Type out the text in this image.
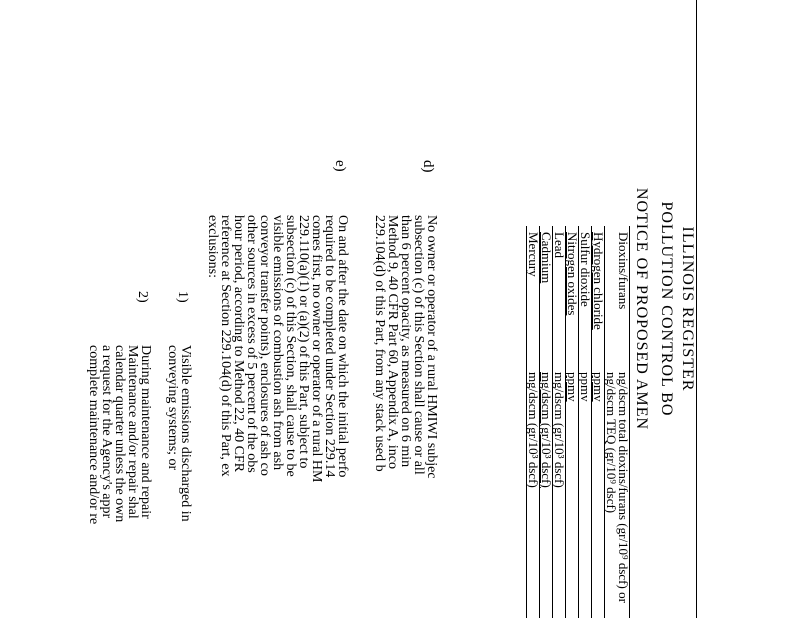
ILLINOIS REGISTER
POLLUTION CONTROL BO
NOTICE OF PROPOSED AMEN
Dioxins/furans
ng/dscm total dioxins/furans (gr/10⁹ dscf) or ng/dscm TEQ (gr/10⁹ dscf)
Hydrogen chloride
ppmv
Sulfur dioxide
ppmv
Nitrogen oxides
ppmv
Lead
mg/dscm (gr/10³ dscf)
Cadmium
mg/dscm (gr/10³ dscf)
Mercury
mg/dscm (gr/10³ dscf)
d)
No owner or operator of a rural HMIWI subjec
subsection (c) of this Section shall cause or all
than 6 percent opacity, as measured on 6 min
Method 9, 40 CFR Part 60, Appendix A, inco
229.104(d) of this Part, from any stack used b
e)
On and after the date on which the initial perfo
required to be completed under Section 229.14
comes first, no owner or operator of a rural HM
229.110(a)(1) or (a)(2) of this Part, subject to
subsection (c) of this Section, shall cause to be
visible emissions of combustion ash from ash
conveyor transfer points), enclosures of ash co
other sources in excess of 5 percent of the obs
hour period, according to Method 22, 40 CFR
reference at Section 229.104(d) of this Part, ex
exclusions:
1)
Visible emissions discharged in
conveying systems; or
2)
During maintenance and repair
Maintenance and/or repair shal
calendar quarter unless the own
a request for the Agency's appr
complete maintenance and/or re
